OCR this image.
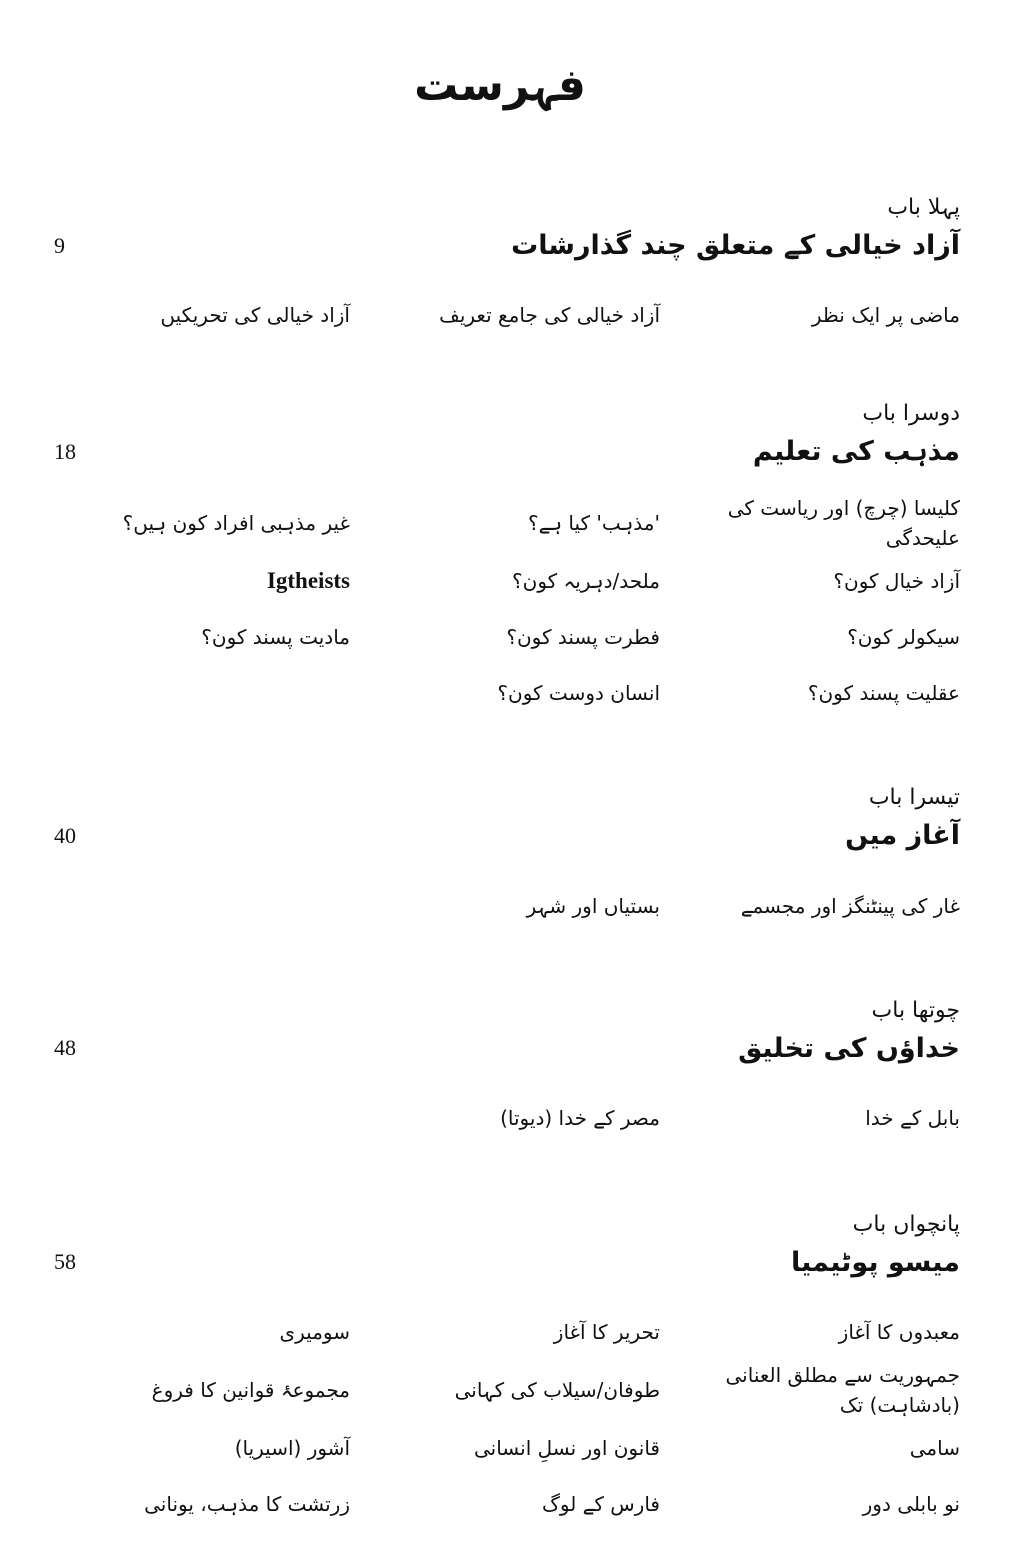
فہرست
پہلا باب
آزاد خیالی کے متعلق چند گذارشات
9
ماضی پر ایک نظر
آزاد خیالی کی جامع تعریف
آزاد خیالی کی تحریکیں
دوسرا باب
مذہب کی تعلیم
18
کلیسا (چرچ) اور ریاست کی علیحدگی
'مذہب' کیا ہے؟
غیر مذہبی افراد کون ہیں؟
آزاد خیال کون؟
ملحد/دہریہ کون؟
Igtheists
سیکولر کون؟
فطرت پسند کون؟
مادیت پسند کون؟
عقلیت پسند کون؟
انسان دوست کون؟
تیسرا باب
آغاز میں
40
غار کی پینٹنگز اور مجسمے
بستیاں اور شہر
چوتھا باب
خداؤں کی تخلیق
48
بابل کے خدا
مصر کے خدا (دیوتا)
پانچواں باب
میسو پوٹیمیا
58
معبدوں کا آغاز
تحریر کا آغاز
سومیری
جمہوریت سے مطلق العنانی (بادشاہت) تک
طوفان/سیلاب کی کہانی
مجموعۂ قوانین کا فروغ
سامی
قانون اور نسلِ انسانی
آشور (اسیریا)
نو بابلی دور
فارس کے لوگ
زرتشت کا مذہب، یونانی
